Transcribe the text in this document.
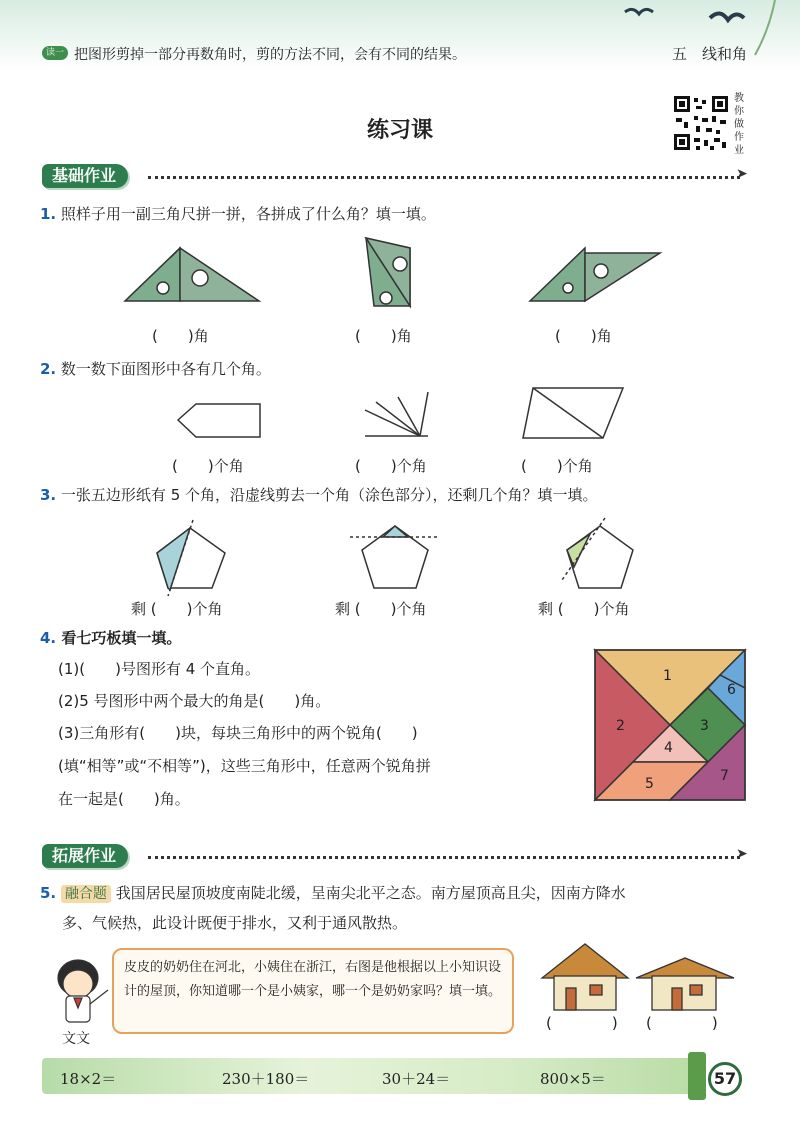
读一读
把图形剪掉一部分再数角时，剪的方法不同，会有不同的结果。	五　线和角
练习课
教你做作业
基础作业	➤
1. 照样子用一副三角尺拼一拼，各拼成了什么角？填一填。
1
2	3
4
5
6
7
(　　)角	(　　)角	(　　)角
2. 数一数下面图形中各有几个角。
(　　)个角	(　　)个角	(　　)个角
3. 一张五边形纸有 5 个角，沿虚线剪去一个角（涂色部分），还剩几个角？填一填。
剩 (　　)个角	剩 (　　)个角	剩 (　　)个角
4. 看七巧板填一填。
(1)(　　)号图形有 4 个直角。
(2)5 号图形中两个最大的角是(　　)角。
(3)三角形有(　　)块，每块三角形中的两个锐角(　　)
(填“相等”或“不相等”)，这些三角形中，任意两个锐角拼
在一起是(　　)角。
拓展作业	➤
5. 融合题 我国居民屋顶坡度南陡北缓，呈南尖北平之态。南方屋顶高且尖，因南方降水
多、气候热，此设计既便于排水，又利于通风散热。
皮皮的奶奶住在河北，小姨住在浙江，右图是他根据以上小知识设计的屋顶，你知道哪一个是小姨家，哪一个是奶奶家吗？填一填。
文文
(　　　　) (　　　　)
18×2＝	230＋180＝	30＋24＝	800×5＝	57
